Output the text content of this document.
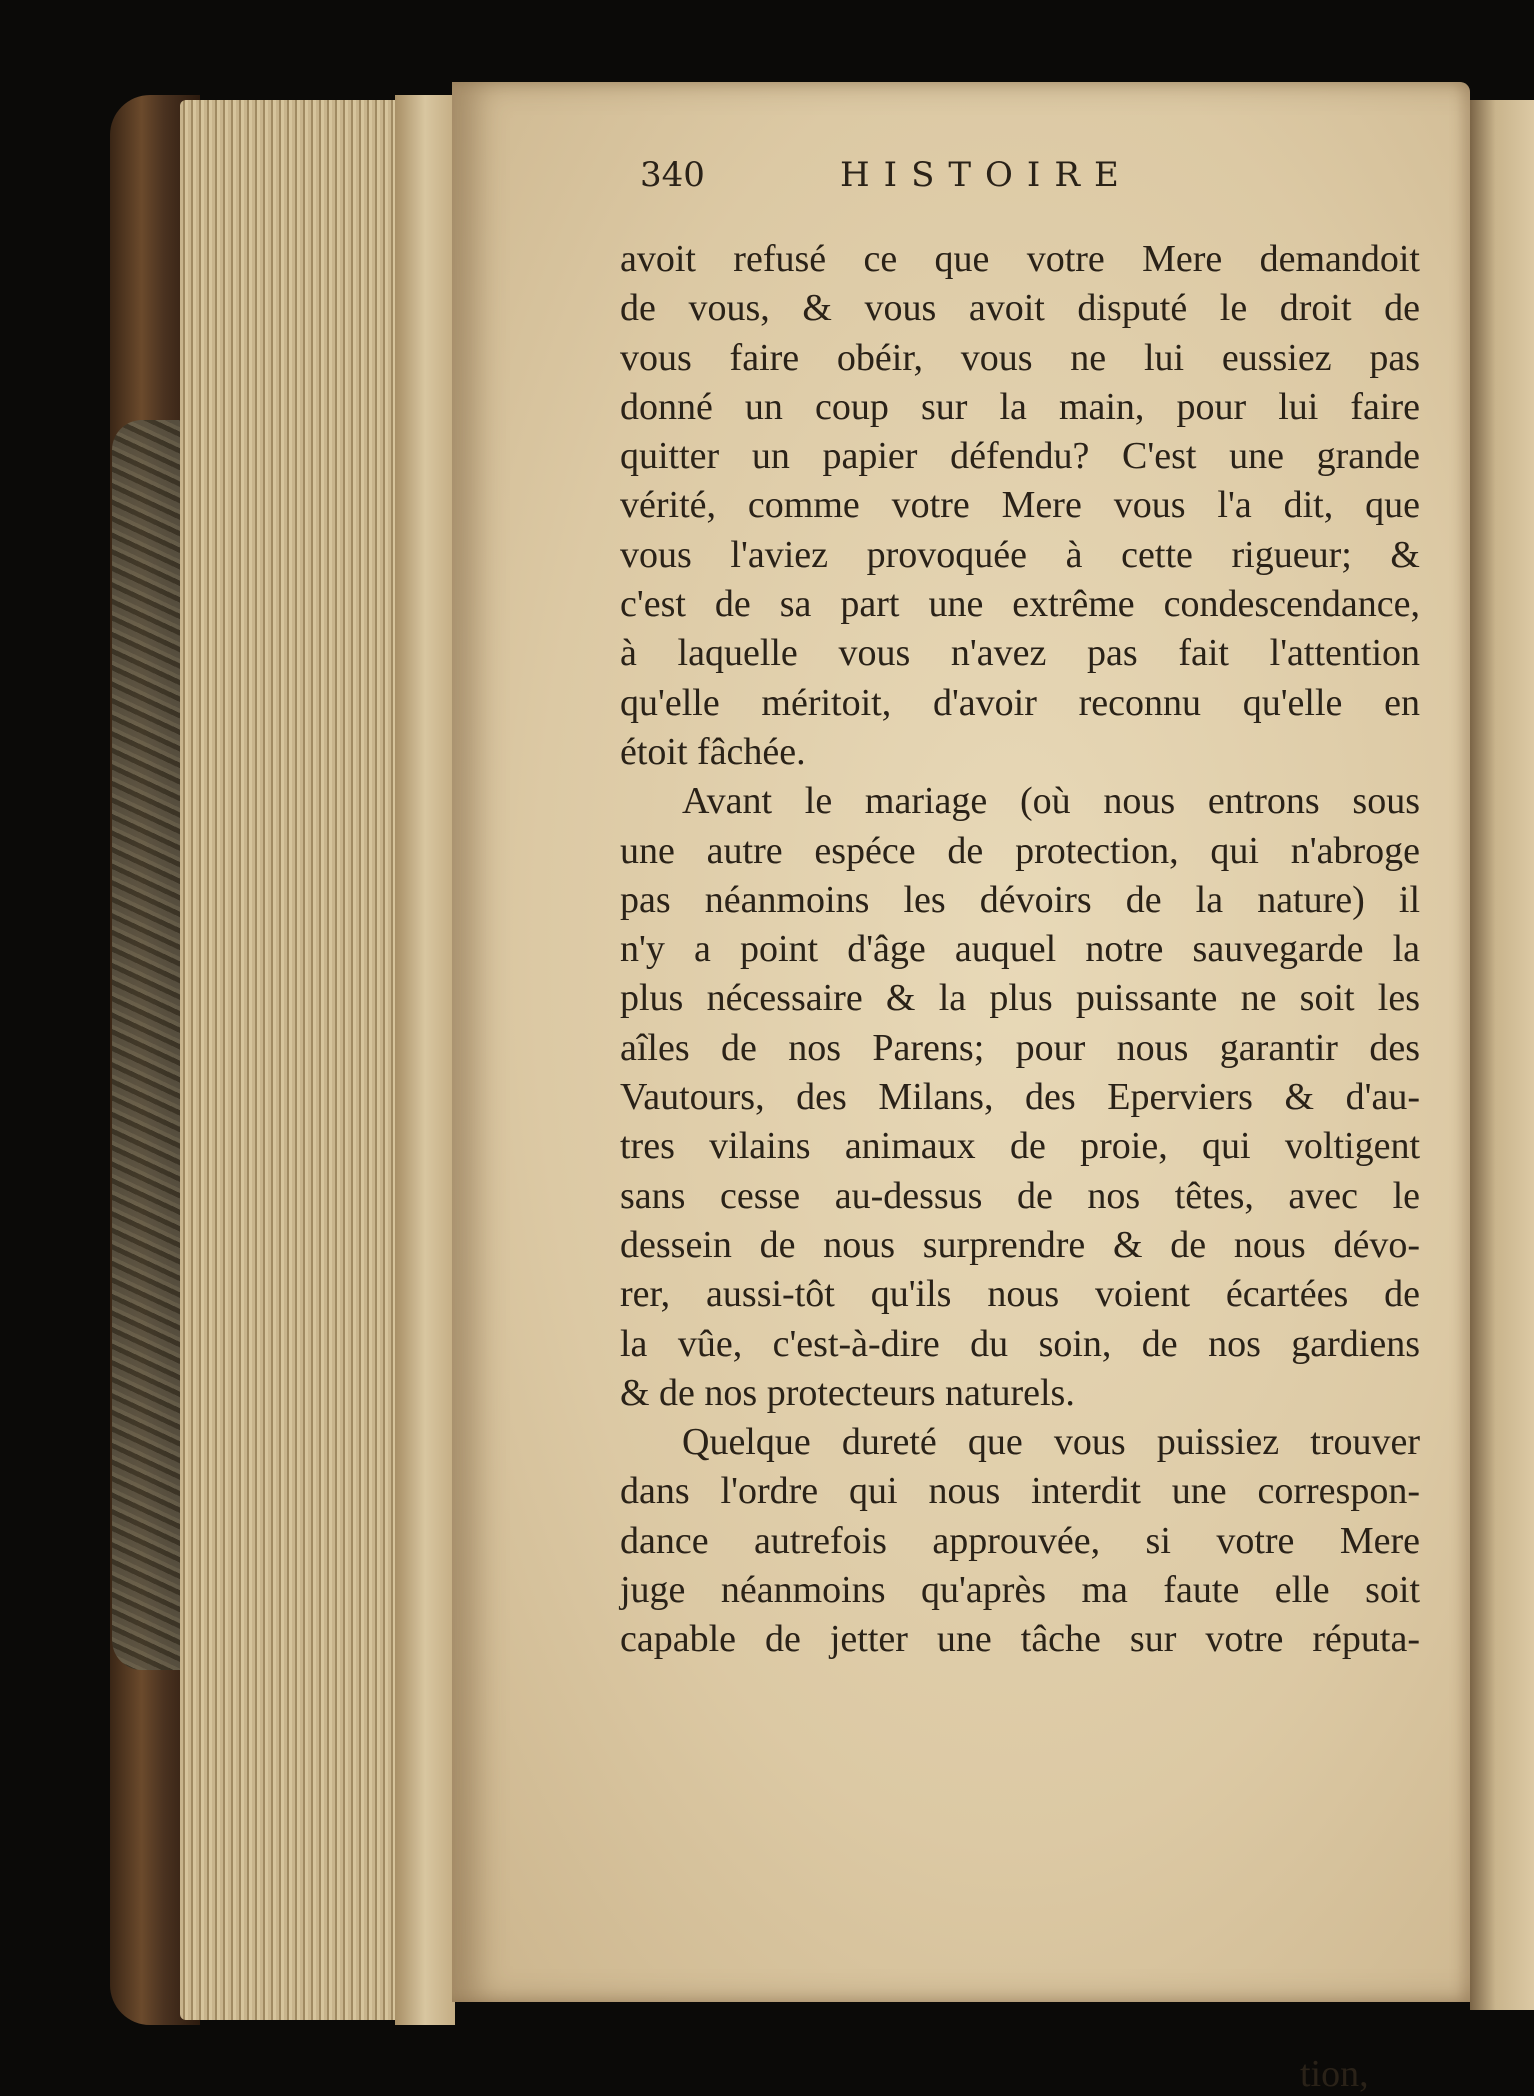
340	HISTOIRE
avoit refusé ce que votre Mere demandoit
de vous, & vous avoit disputé le droit de
vous faire obéir, vous ne lui eussiez pas
donné un coup sur la main, pour lui faire
quitter un papier défendu? C'est une grande
vérité, comme votre Mere vous l'a dit, que
vous l'aviez provoquée à cette rigueur; &
c'est de sa part une extrême condescendance,
à laquelle vous n'avez pas fait l'attention
qu'elle méritoit, d'avoir reconnu qu'elle en
étoit fâchée.
Avant le mariage (où nous entrons sous
une autre espéce de protection, qui n'abroge
pas néanmoins les dévoirs de la nature) il
n'y a point d'âge auquel notre sauvegarde la
plus nécessaire & la plus puissante ne soit les
aîles de nos Parens; pour nous garantir des
Vautours, des Milans, des Eperviers & d'au-
tres vilains animaux de proie, qui voltigent
sans cesse au-dessus de nos têtes, avec le
dessein de nous surprendre & de nous dévo-
rer, aussi-tôt qu'ils nous voient écartées de
la vûe, c'est-à-dire du soin, de nos gardiens
& de nos protecteurs naturels.
Quelque dureté que vous puissiez trouver
dans l'ordre qui nous interdit une correspon-
dance autrefois approuvée, si votre Mere
juge néanmoins qu'après ma faute elle soit
capable de jetter une tâche sur votre réputa-
tion,
